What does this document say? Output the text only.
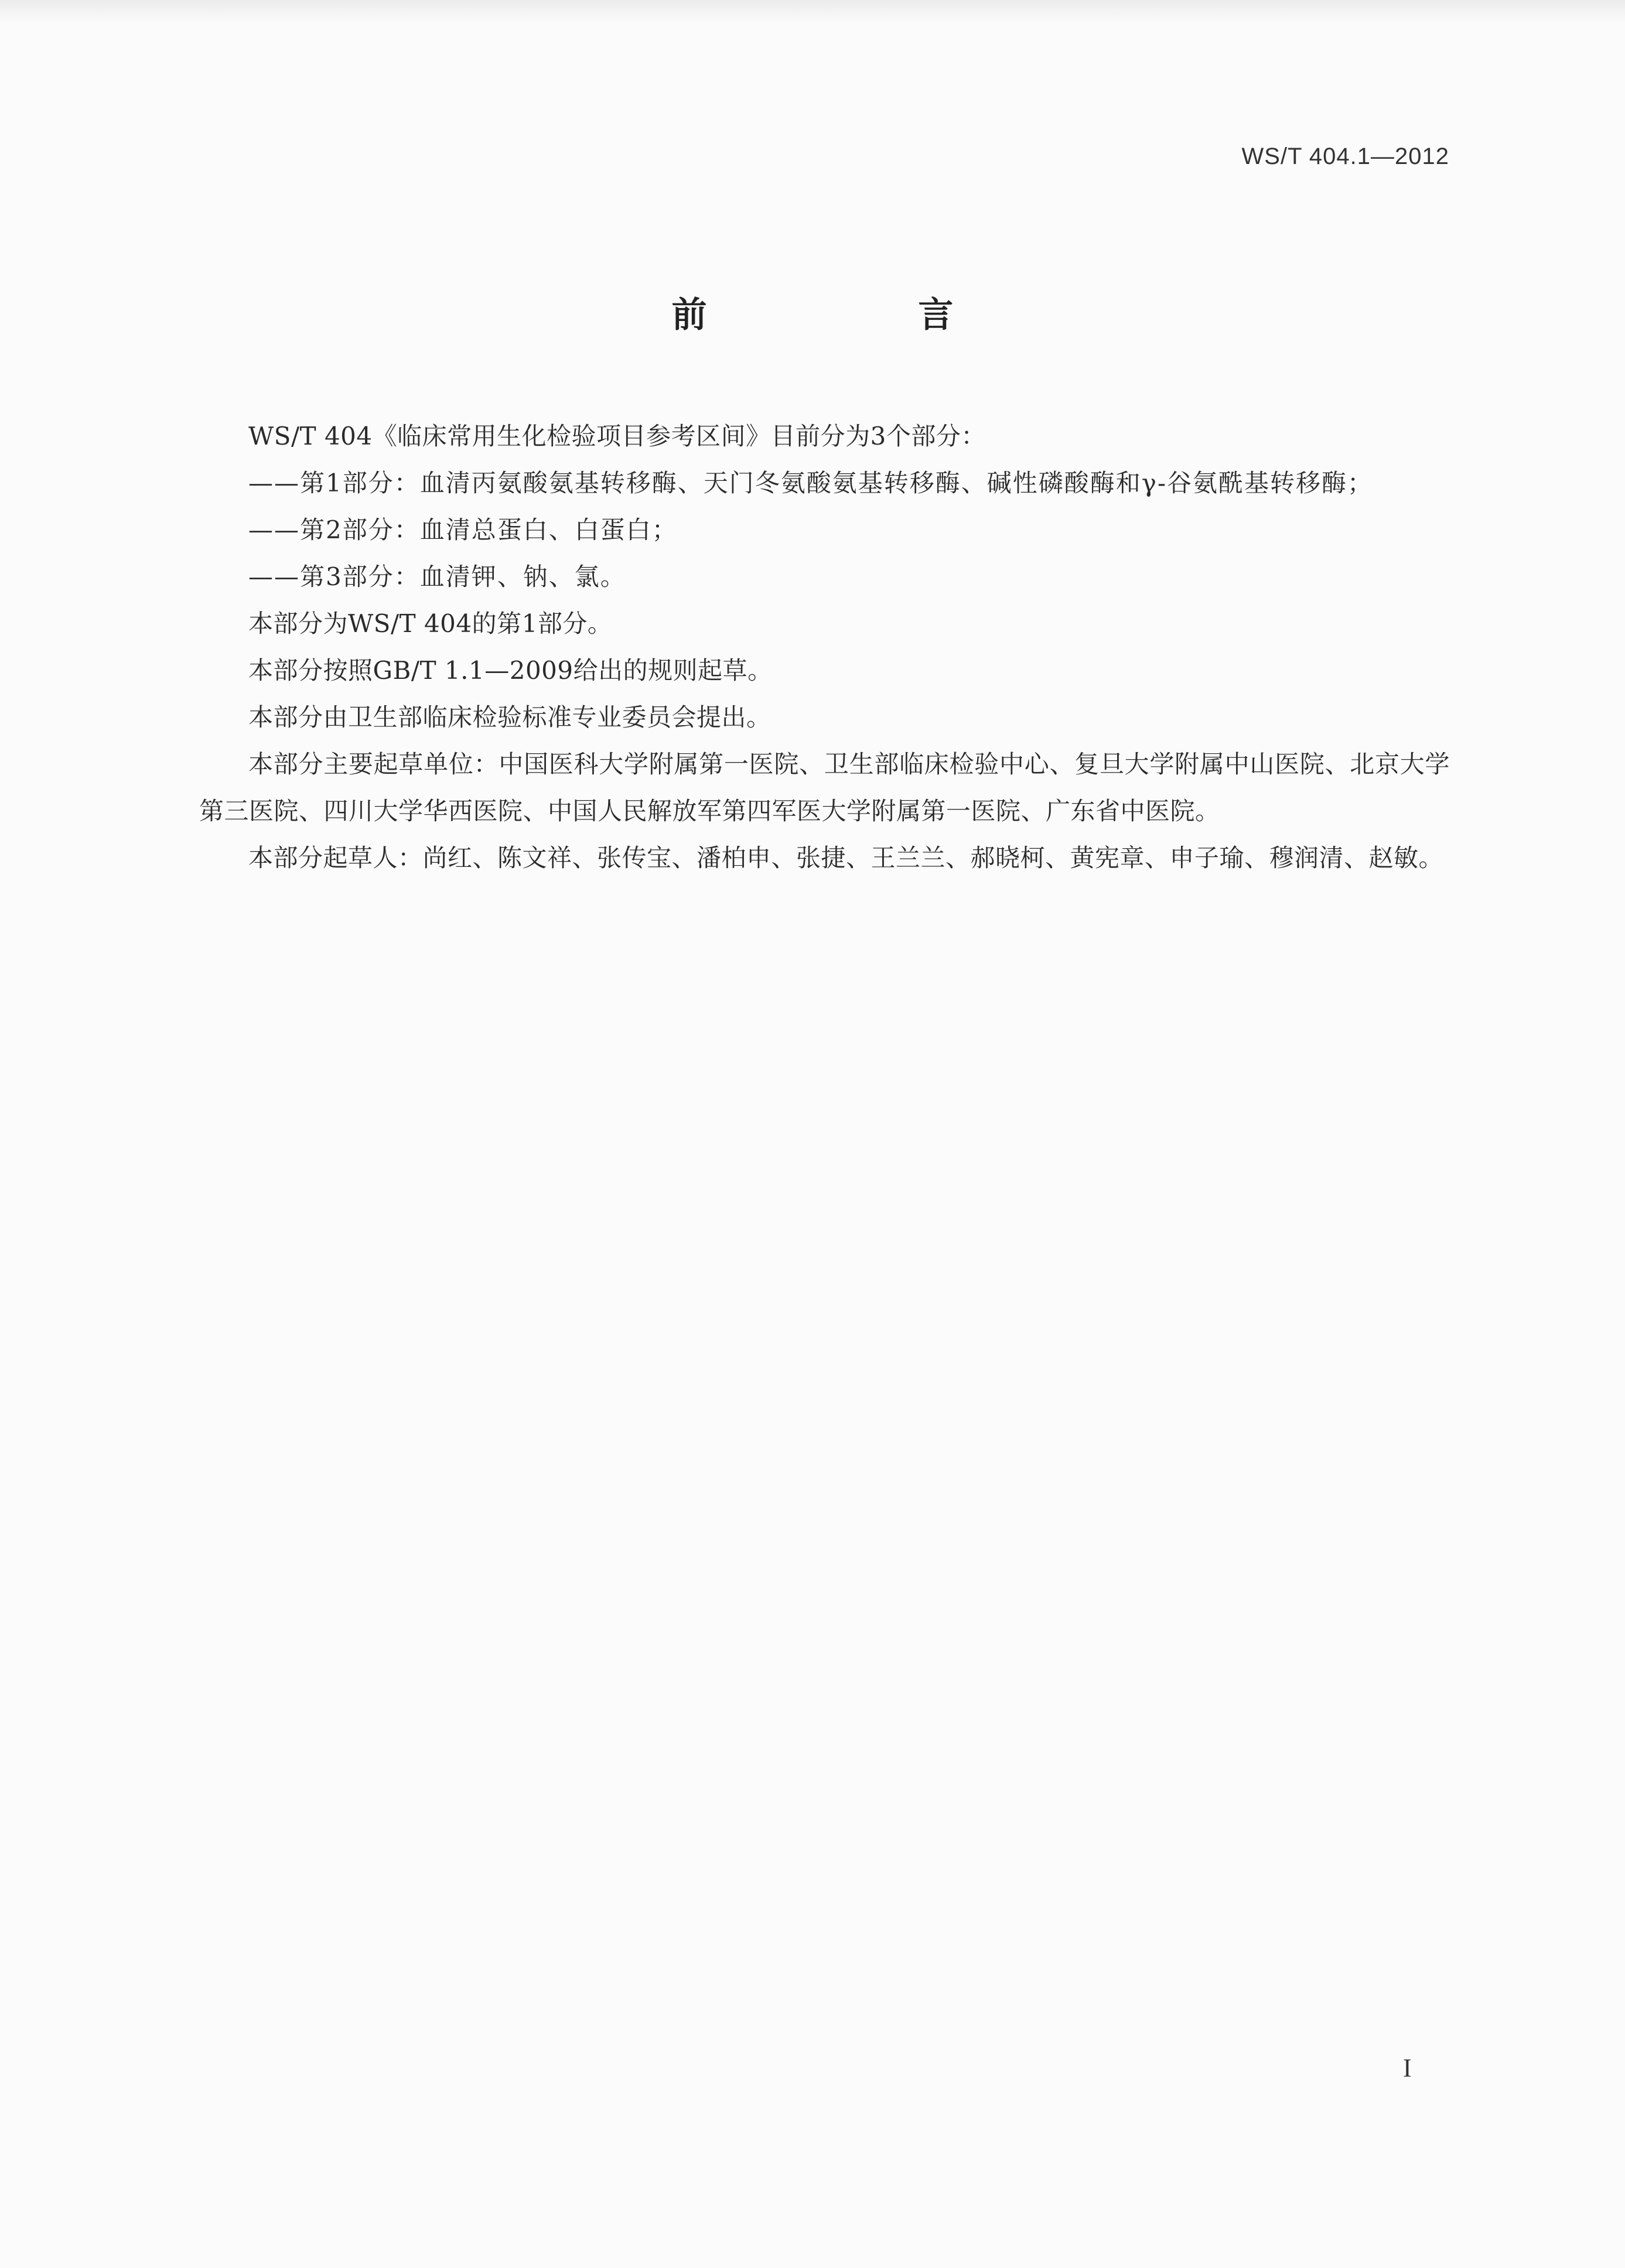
WS/T 404.1—2012
前 言

WS/T 404《临床常用生化检验项目参考区间》目前分为3个部分：

——第1部分：血清丙氨酸氨基转移酶、天门冬氨酸氨基转移酶、碱性磷酸酶和γ-谷氨酰基转移酶；

——第2部分：血清总蛋白、白蛋白；

——第3部分：血清钾、钠、氯。

本部分为WS/T 404的第1部分。

本部分按照GB/T 1.1—2009给出的规则起草。

本部分由卫生部临床检验标准专业委员会提出。

本部分主要起草单位：中国医科大学附属第一医院、卫生部临床检验中心、复旦大学附属中山医院、北京大学第三医院、四川大学华西医院、中国人民解放军第四军医大学附属第一医院、广东省中医院。

本部分起草人：尚红、陈文祥、张传宝、潘柏申、张捷、王兰兰、郝晓柯、黄宪章、申子瑜、穆润清、赵敏。

I
